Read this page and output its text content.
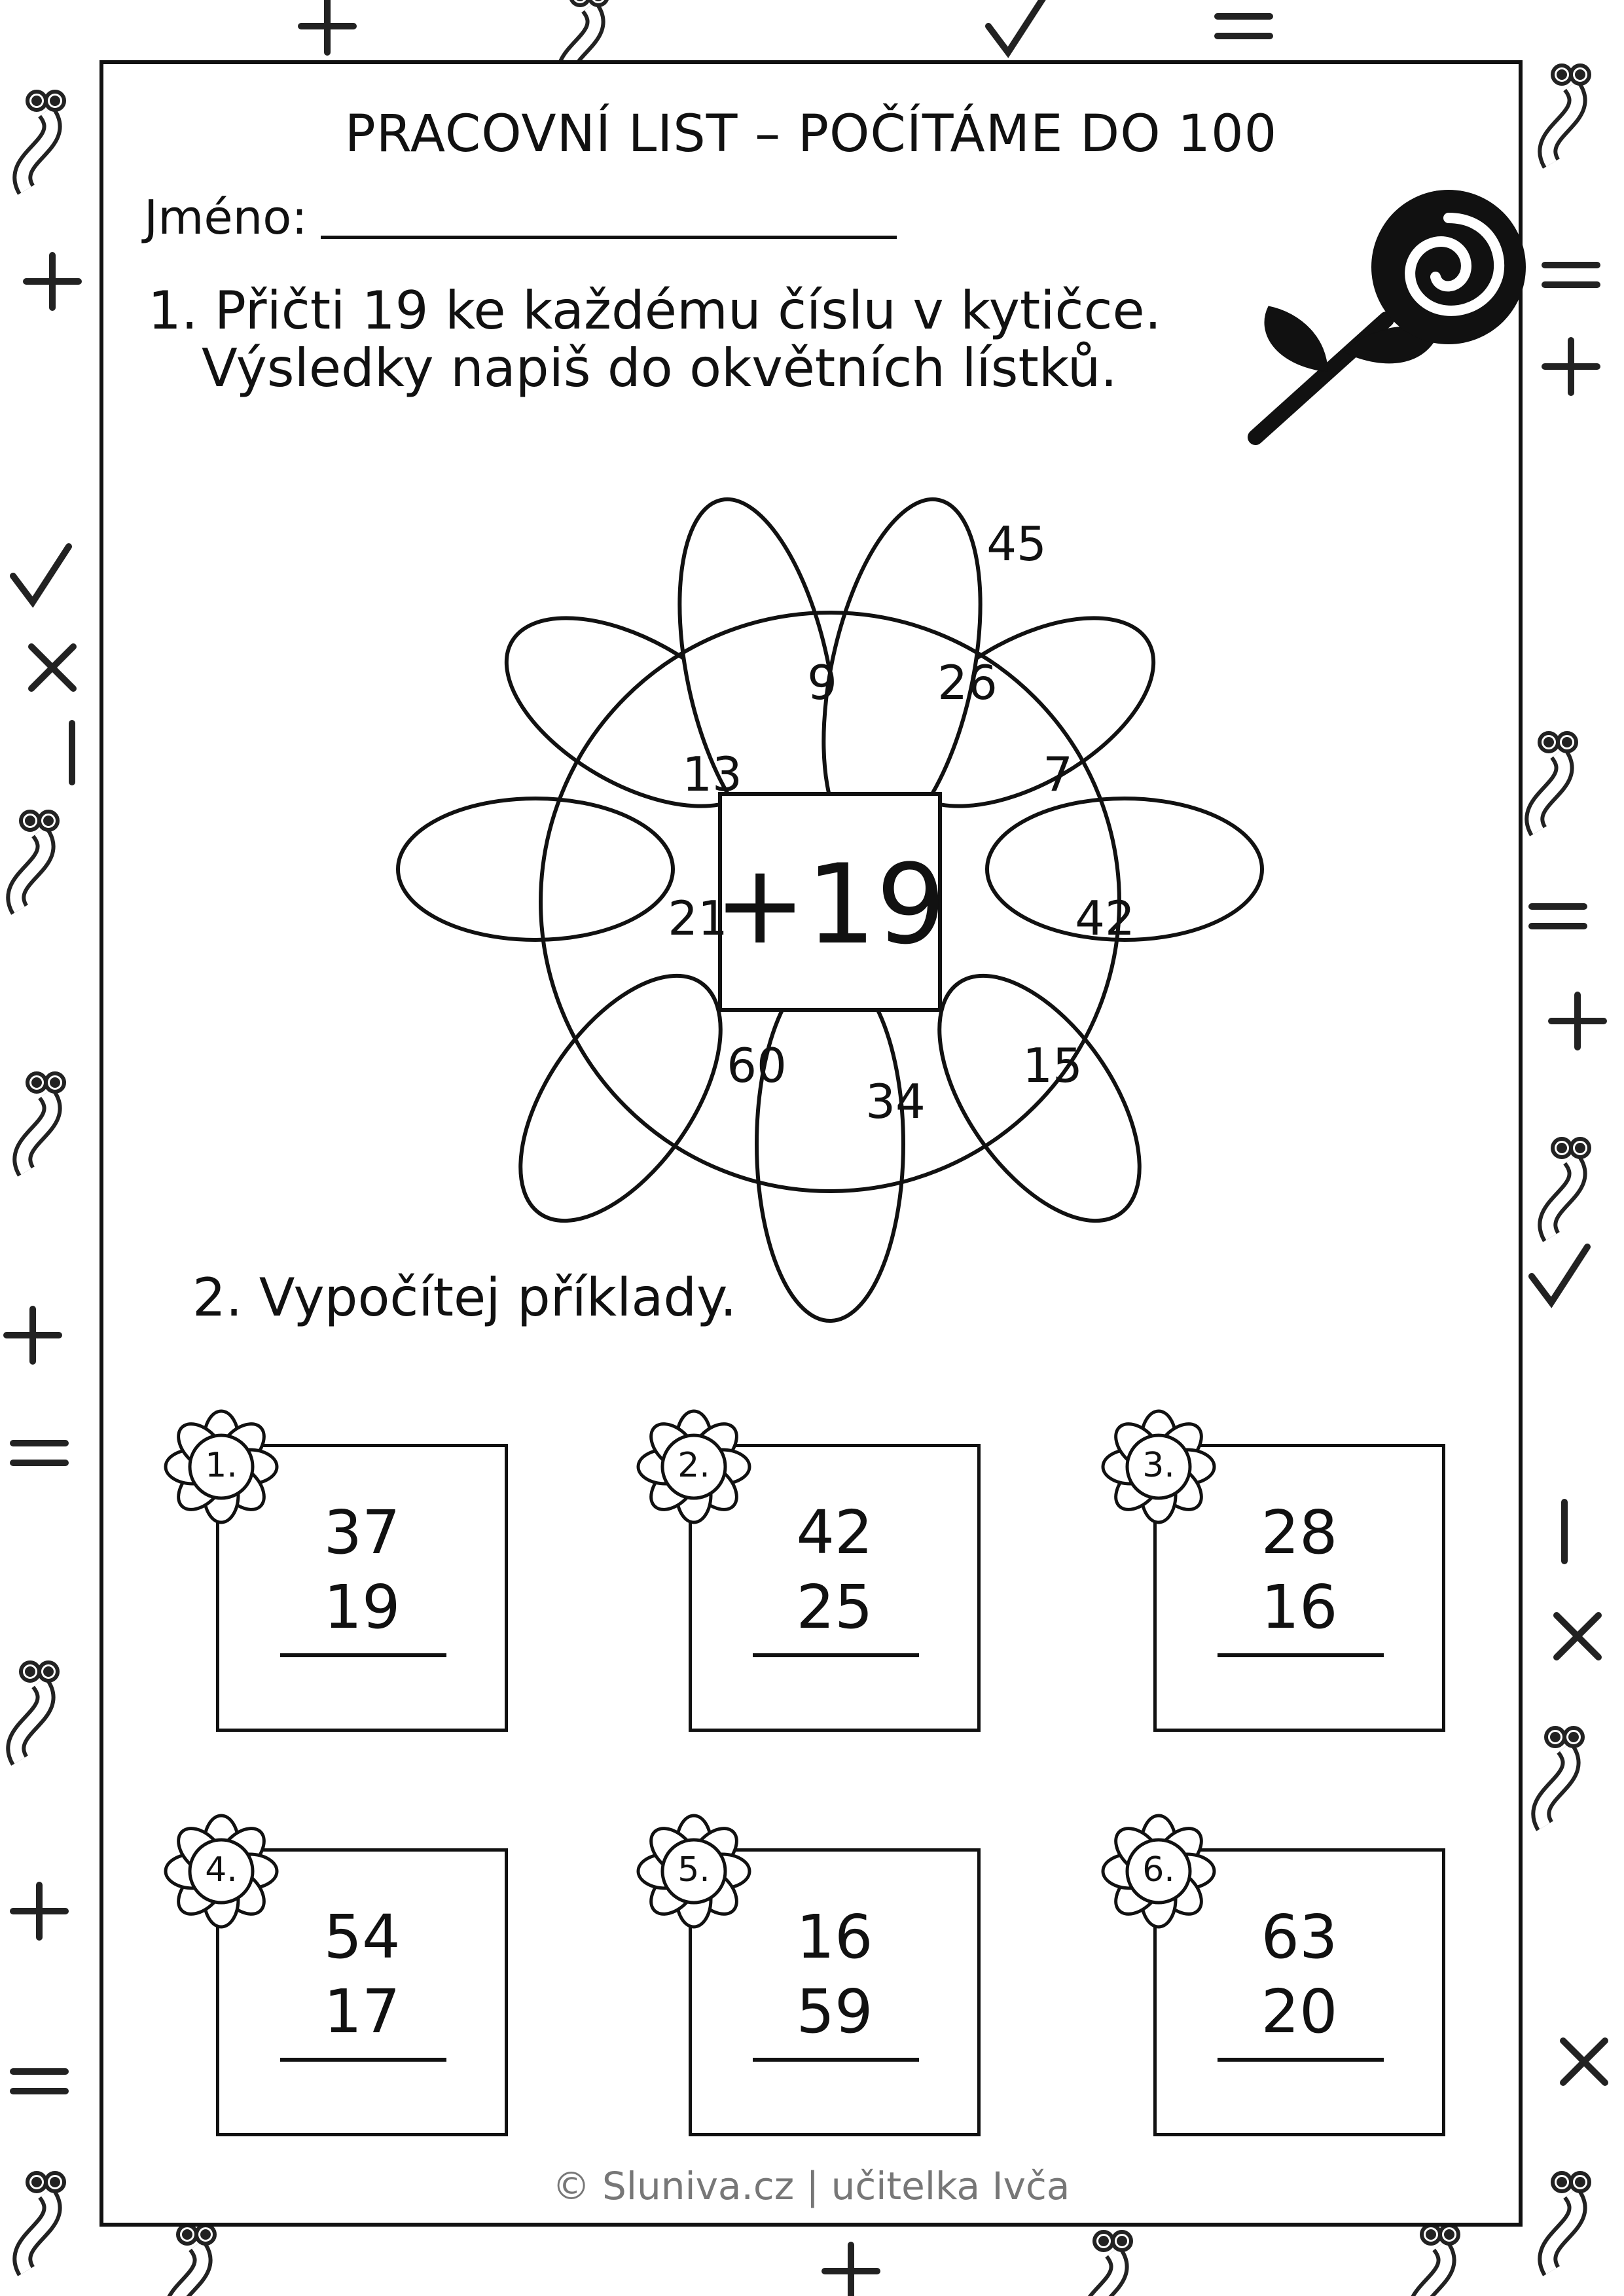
PRACOVNÍ LIST – POČÍTÁME DO 100
Jméno:
1. Přičti 19 ke každému číslu v kytičce.
Výsledky napiš do okvětních lístků.
+19
9 26
7
42
15
34
60
21
13
45
2. Vypočítej příklady.
37
19
1.
42
25
2.
28
16
3.
54
17
4.
16
59
5.
63
20
6.
© Sluniva.cz | učitelka Ivča
